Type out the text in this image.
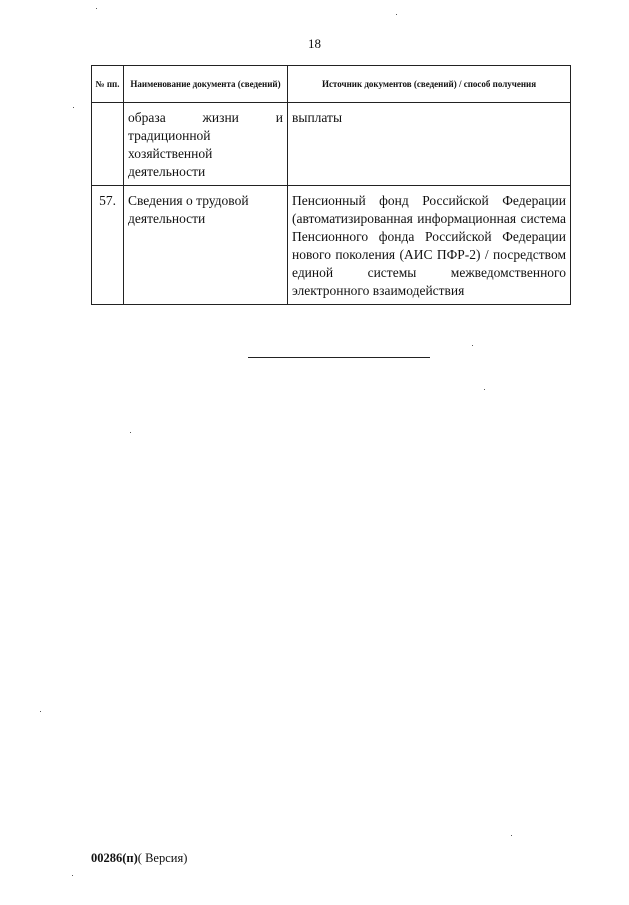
18
№ пп.	Наименование документа (сведений)	Источник документов (сведений) / способ получения
	образа жизни и традиционной хозяйственной деятельности	выплаты
57.	Сведения о трудовой деятельности	Пенсионный фонд Российской Федерации (автоматизированная информационная система Пенсионного фонда Российской Федерации нового поколения (АИС ПФР-2) / посредством единой системы межведомственного электронного взаимодействия
00286(п)( Версия)
